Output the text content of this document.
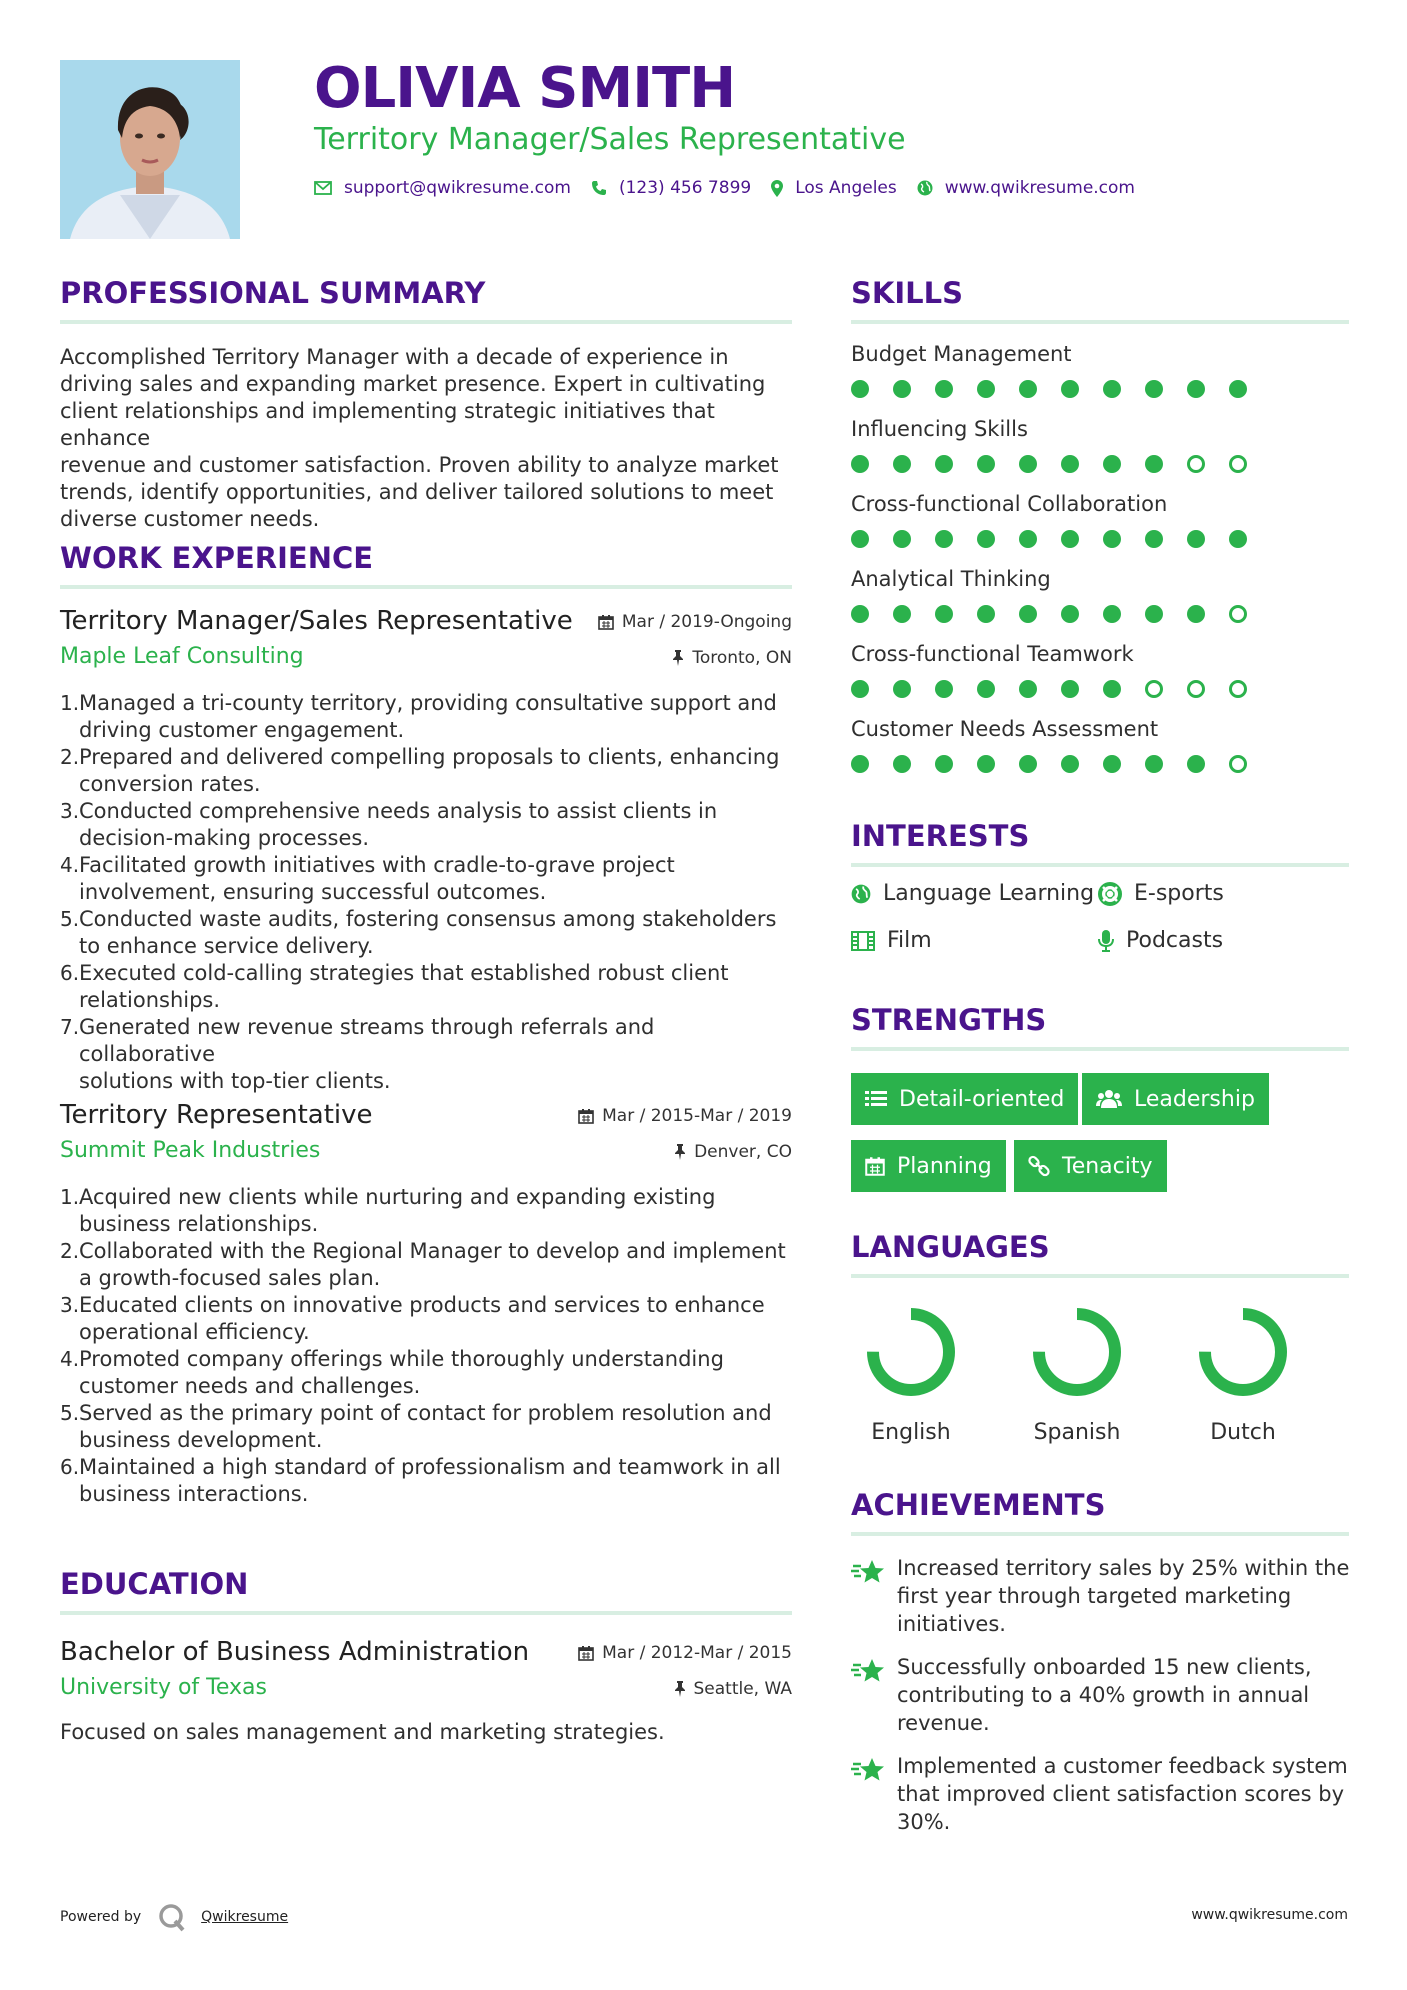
OLIVIA SMITH
Territory Manager/Sales Representative
support@qwikresume.com	(123) 456 7899	Los Angeles	www.qwikresume.com
PROFESSIONAL SUMMARY
Accomplished Territory Manager with a decade of experience in
driving sales and expanding market presence. Expert in cultivating
client relationships and implementing strategic initiatives that enhance
revenue and customer satisfaction. Proven ability to analyze market
trends, identify opportunities, and deliver tailored solutions to meet
diverse customer needs.
WORK EXPERIENCE
Territory Manager/Sales Representative
Maple Leaf Consulting
Mar / 2019-Ongoing
Toronto, ON
1. Managed a tri-county territory, providing consultative support and
driving customer engagement.
2. Prepared and delivered compelling proposals to clients, enhancing
conversion rates.
3. Conducted comprehensive needs analysis to assist clients in
decision-making processes.
4. Facilitated growth initiatives with cradle-to-grave project
involvement, ensuring successful outcomes.
5. Conducted waste audits, fostering consensus among stakeholders
to enhance service delivery.
6. Executed cold-calling strategies that established robust client
relationships.
7. Generated new revenue streams through referrals and collaborative
solutions with top-tier clients.
Territory Representative
Summit Peak Industries
Mar / 2015-Mar / 2019
Denver, CO
1. Acquired new clients while nurturing and expanding existing
business relationships.
2. Collaborated with the Regional Manager to develop and implement
a growth-focused sales plan.
3. Educated clients on innovative products and services to enhance
operational efficiency.
4. Promoted company offerings while thoroughly understanding
customer needs and challenges.
5. Served as the primary point of contact for problem resolution and
business development.
6. Maintained a high standard of professionalism and teamwork in all
business interactions.
EDUCATION
Bachelor of Business Administration
University of Texas
Mar / 2012-Mar / 2015
Seattle, WA
Focused on sales management and marketing strategies.
SKILLS
Budget Management
Influencing Skills
Cross-functional Collaboration
Analytical Thinking
Cross-functional Teamwork
Customer Needs Assessment
INTERESTS
Language Learning E-sports
Film	Podcasts
STRENGTHS
Detail-oriented	Leadership
Planning	Tenacity
LANGUAGES
English	Spanish	Dutch
ACHIEVEMENTS
Increased territory sales by 25% within the
first year through targeted marketing
initiatives.
Successfully onboarded 15 new clients,
contributing to a 40% growth in annual
revenue.
Implemented a customer feedback system
that improved client satisfaction scores by
30%.
Powered by	Qwikresume	www.qwikresume.com
